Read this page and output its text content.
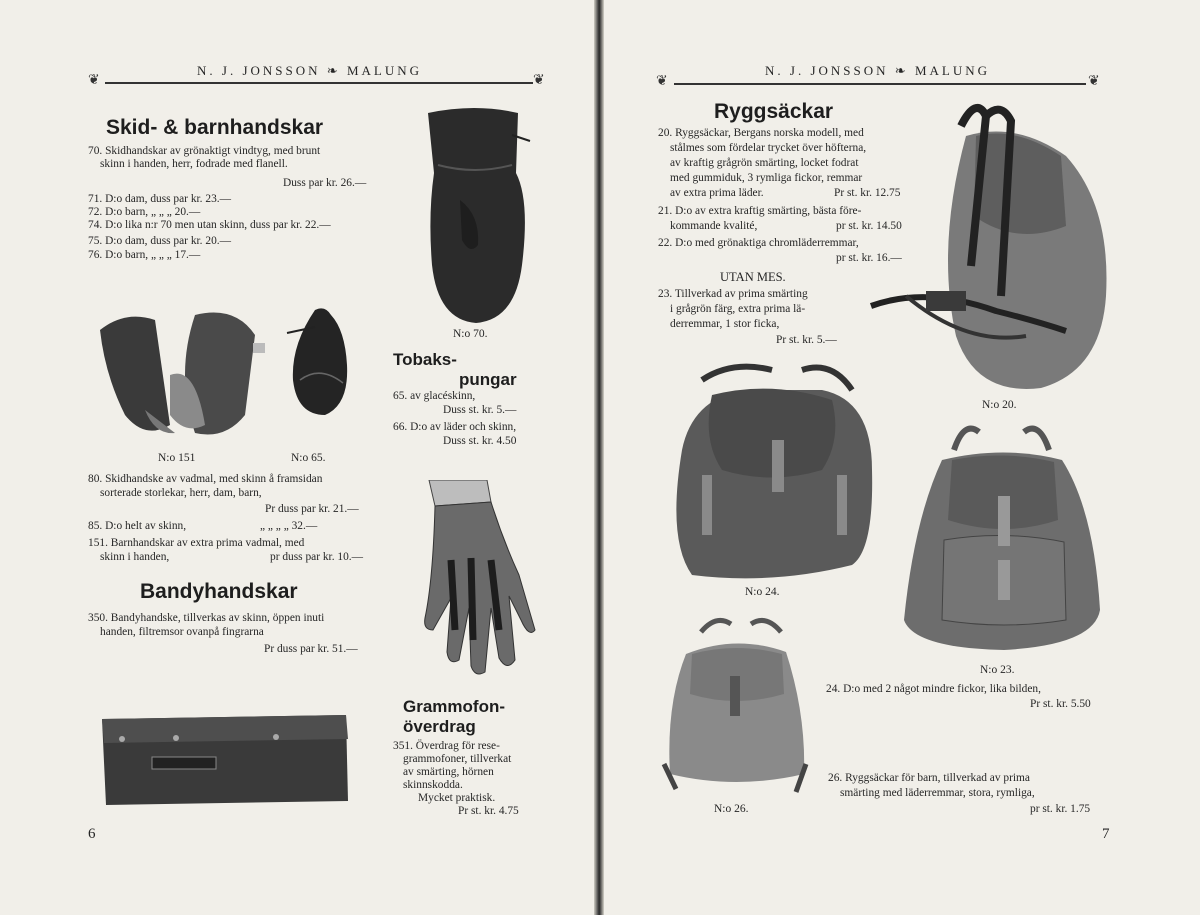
❦	❦
N. J. JONSSON ❧ MALUNG
Skid- & barnhandskar
70. Skidhandskar av grönaktigt vindtyg, med brunt
skinn i handen, herr, fodrade med flanell.
Duss par kr. 26.—
71. D:o dam, duss par kr. 23.—
72. D:o barn, „ „ „ 20.—
74. D:o lika n:r 70 men utan skinn, duss par kr. 22.—
75. D:o dam, duss par kr. 20.—
76. D:o barn, „ „ „ 17.—
N:o 70.
N:o 151	N:o 65.
Tobaks-
pungar
65. av glacéskinn,
Duss st. kr. 5.—
66. D:o av läder och skinn,
Duss st. kr. 4.50
80. Skidhandske av vadmal, med skinn å framsidan
sorterade storlekar, herr, dam, barn,
Pr duss par kr. 21.—
85. D:o helt av skinn,	„ „ „ „ 32.—
151. Barnhandskar av extra prima vadmal, med
skinn i handen,	pr duss par kr. 10.—
Bandyhandskar
350. Bandyhandske, tillverkas av skinn, öppen inuti
handen, filtremsor ovanpå fingrarna
Pr duss par kr. 51.—
Grammofon-
överdrag
351. Överdrag för rese-
grammofoner, tillverkat
av smärting, hörnen
skinnskodda.
Mycket praktisk.
Pr st. kr. 4.75
6
❦	❦
N. J. JONSSON ❧ MALUNG
Ryggsäckar
20. Ryggsäckar, Bergans norska modell, med
stålmes som fördelar trycket över höfterna,
av kraftig grågrön smärting, locket fodrat
med gummiduk, 3 rymliga fickor, remmar
av extra prima läder.	Pr st. kr. 12.75
21. D:o av extra kraftig smärting, bästa före-
kommande kvalité,	pr st. kr. 14.50
22. D:o med grönaktiga chromläderremmar,
pr st. kr. 16.—
UTAN MES.
23. Tillverkad av prima smärting
i grågrön färg, extra prima lä-
derremmar, 1 stor ficka,
Pr st. kr. 5.—
N:o 20.
N:o 24.
N:o 23.
24. D:o med 2 något mindre fickor, lika bilden,
Pr st. kr. 5.50
N:o 26.
26. Ryggsäckar för barn, tillverkad av prima
smärting med läderremmar, stora, rymliga,
pr st. kr. 1.75
7
